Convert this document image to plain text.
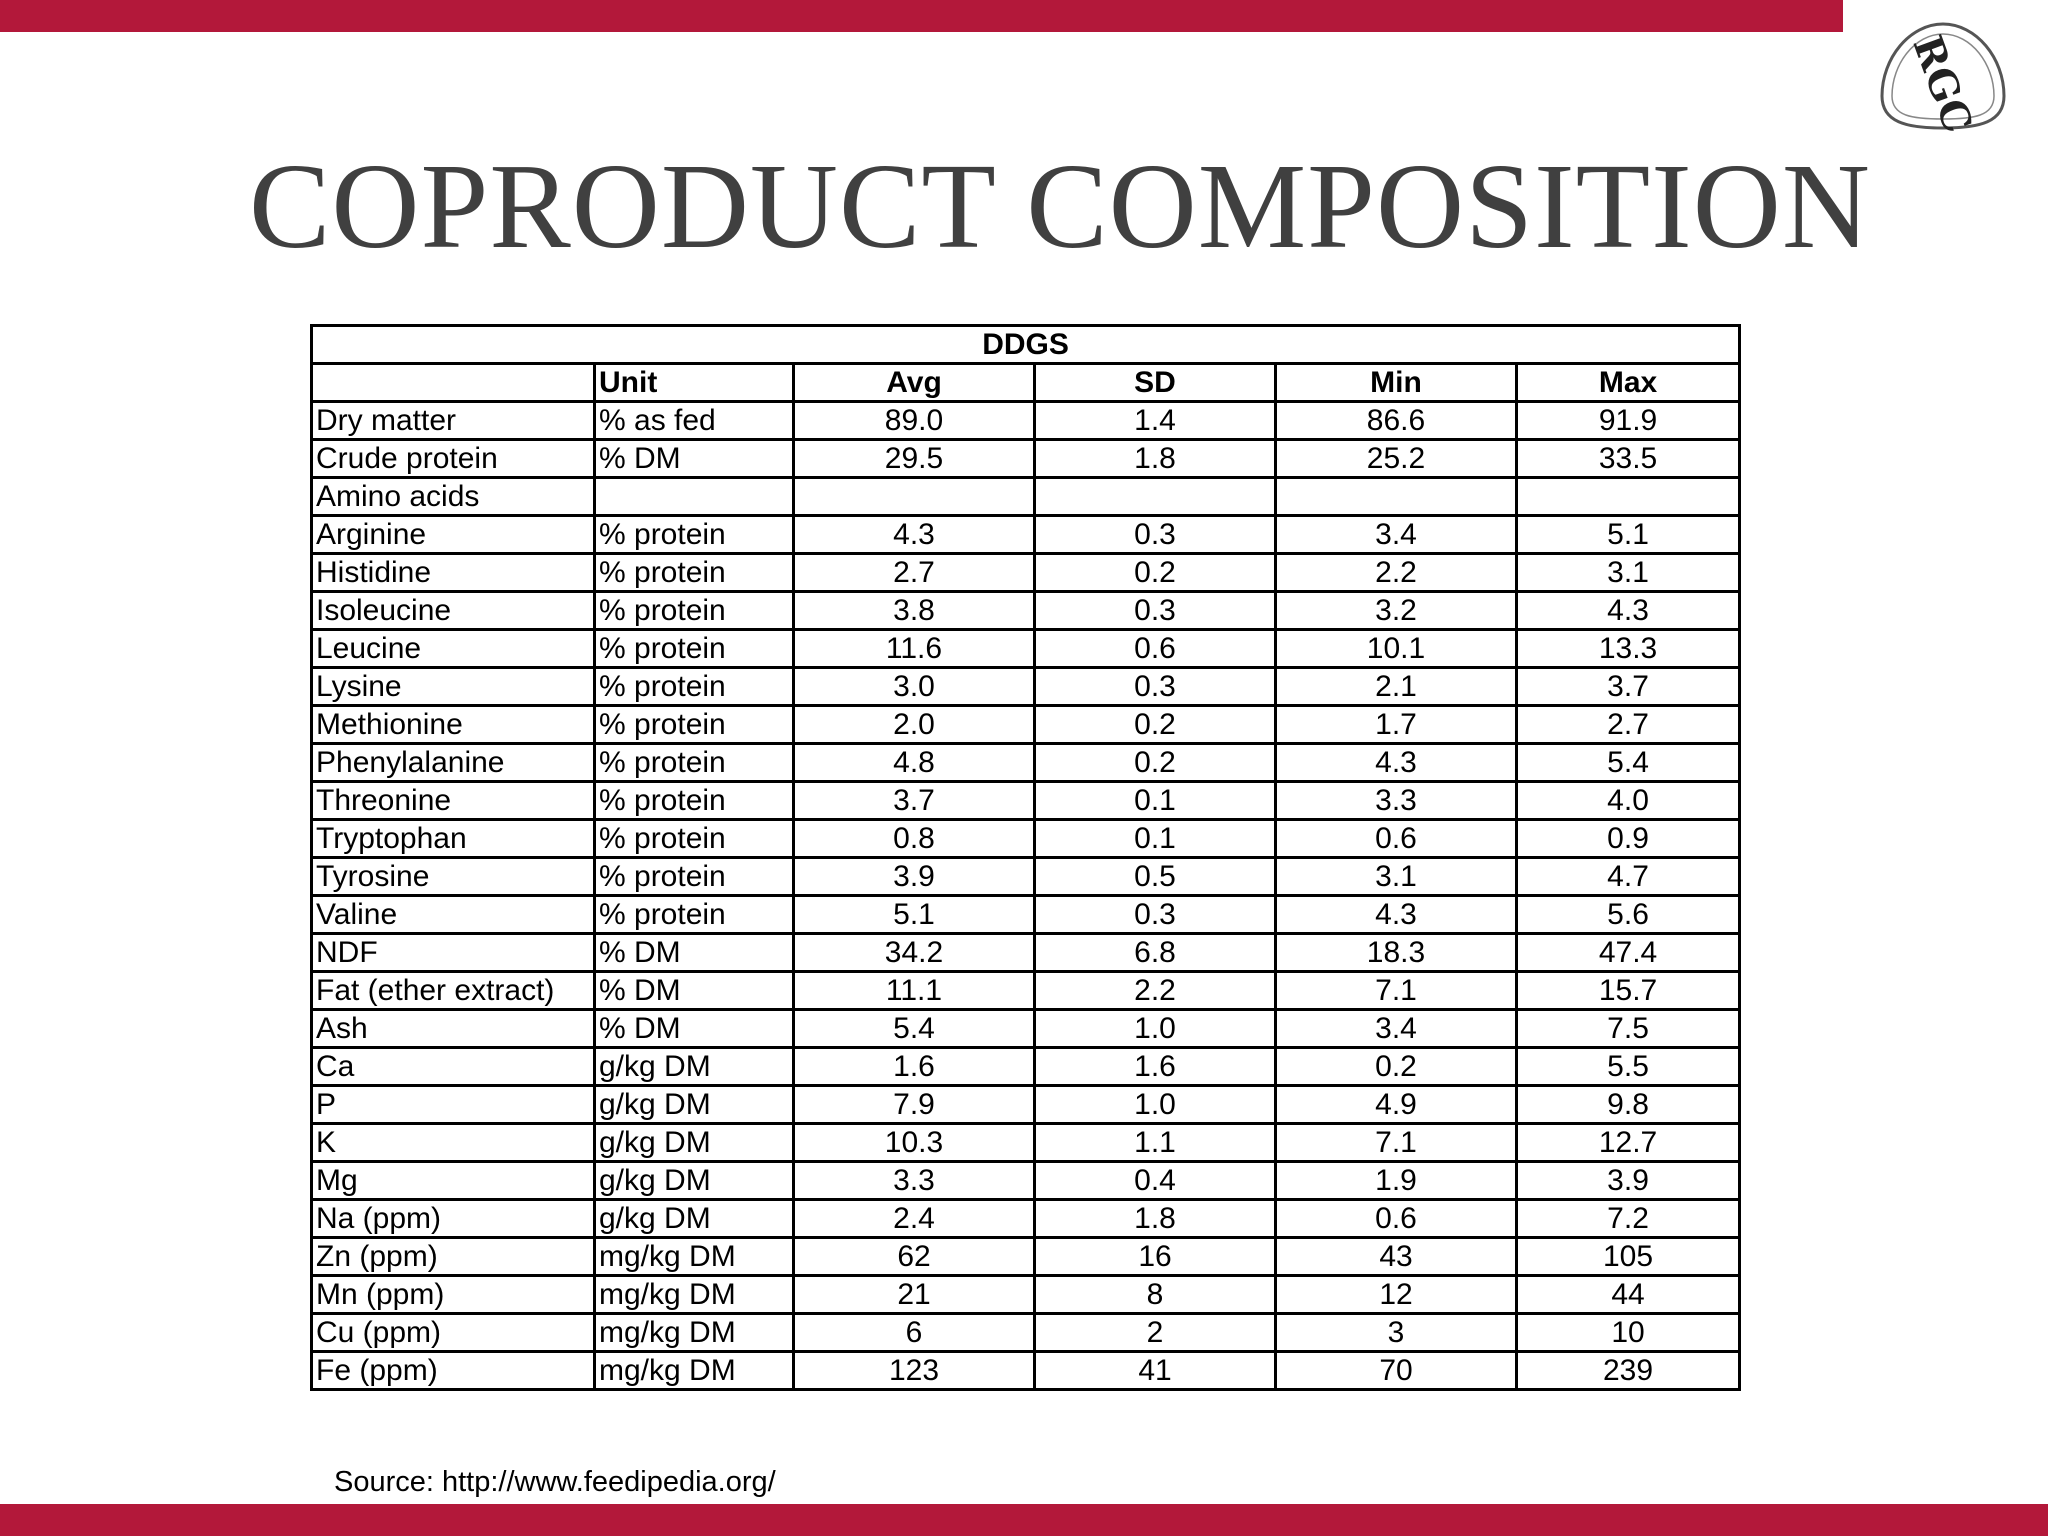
RGC
COPRODUCT COMPOSITION
DDGS					
	Unit	Avg	SD	Min	Max
Dry matter	% as fed	89.0	1.4	86.6	91.9
Crude protein	% DM	29.5	1.8	25.2	33.5
Amino acids					
Arginine	% protein	4.3	0.3	3.4	5.1
Histidine	% protein	2.7	0.2	2.2	3.1
Isoleucine	% protein	3.8	0.3	3.2	4.3
Leucine	% protein	11.6	0.6	10.1	13.3
Lysine	% protein	3.0	0.3	2.1	3.7
Methionine	% protein	2.0	0.2	1.7	2.7
Phenylalanine	% protein	4.8	0.2	4.3	5.4
Threonine	% protein	3.7	0.1	3.3	4.0
Tryptophan	% protein	0.8	0.1	0.6	0.9
Tyrosine	% protein	3.9	0.5	3.1	4.7
Valine	% protein	5.1	0.3	4.3	5.6
NDF	% DM	34.2	6.8	18.3	47.4
Fat (ether extract)	% DM	11.1	2.2	7.1	15.7
Ash	% DM	5.4	1.0	3.4	7.5
Ca	g/kg DM	1.6	1.6	0.2	5.5
P	g/kg DM	7.9	1.0	4.9	9.8
K	g/kg DM	10.3	1.1	7.1	12.7
Mg	g/kg DM	3.3	0.4	1.9	3.9
Na (ppm)	g/kg DM	2.4	1.8	0.6	7.2
Zn (ppm)	mg/kg DM	62	16	43	105
Mn (ppm)	mg/kg DM	21	8	12	44
Cu (ppm)	mg/kg DM	6	2	3	10
Fe (ppm)	mg/kg DM	123	41	70	239
Source: http://www.feedipedia.org/
